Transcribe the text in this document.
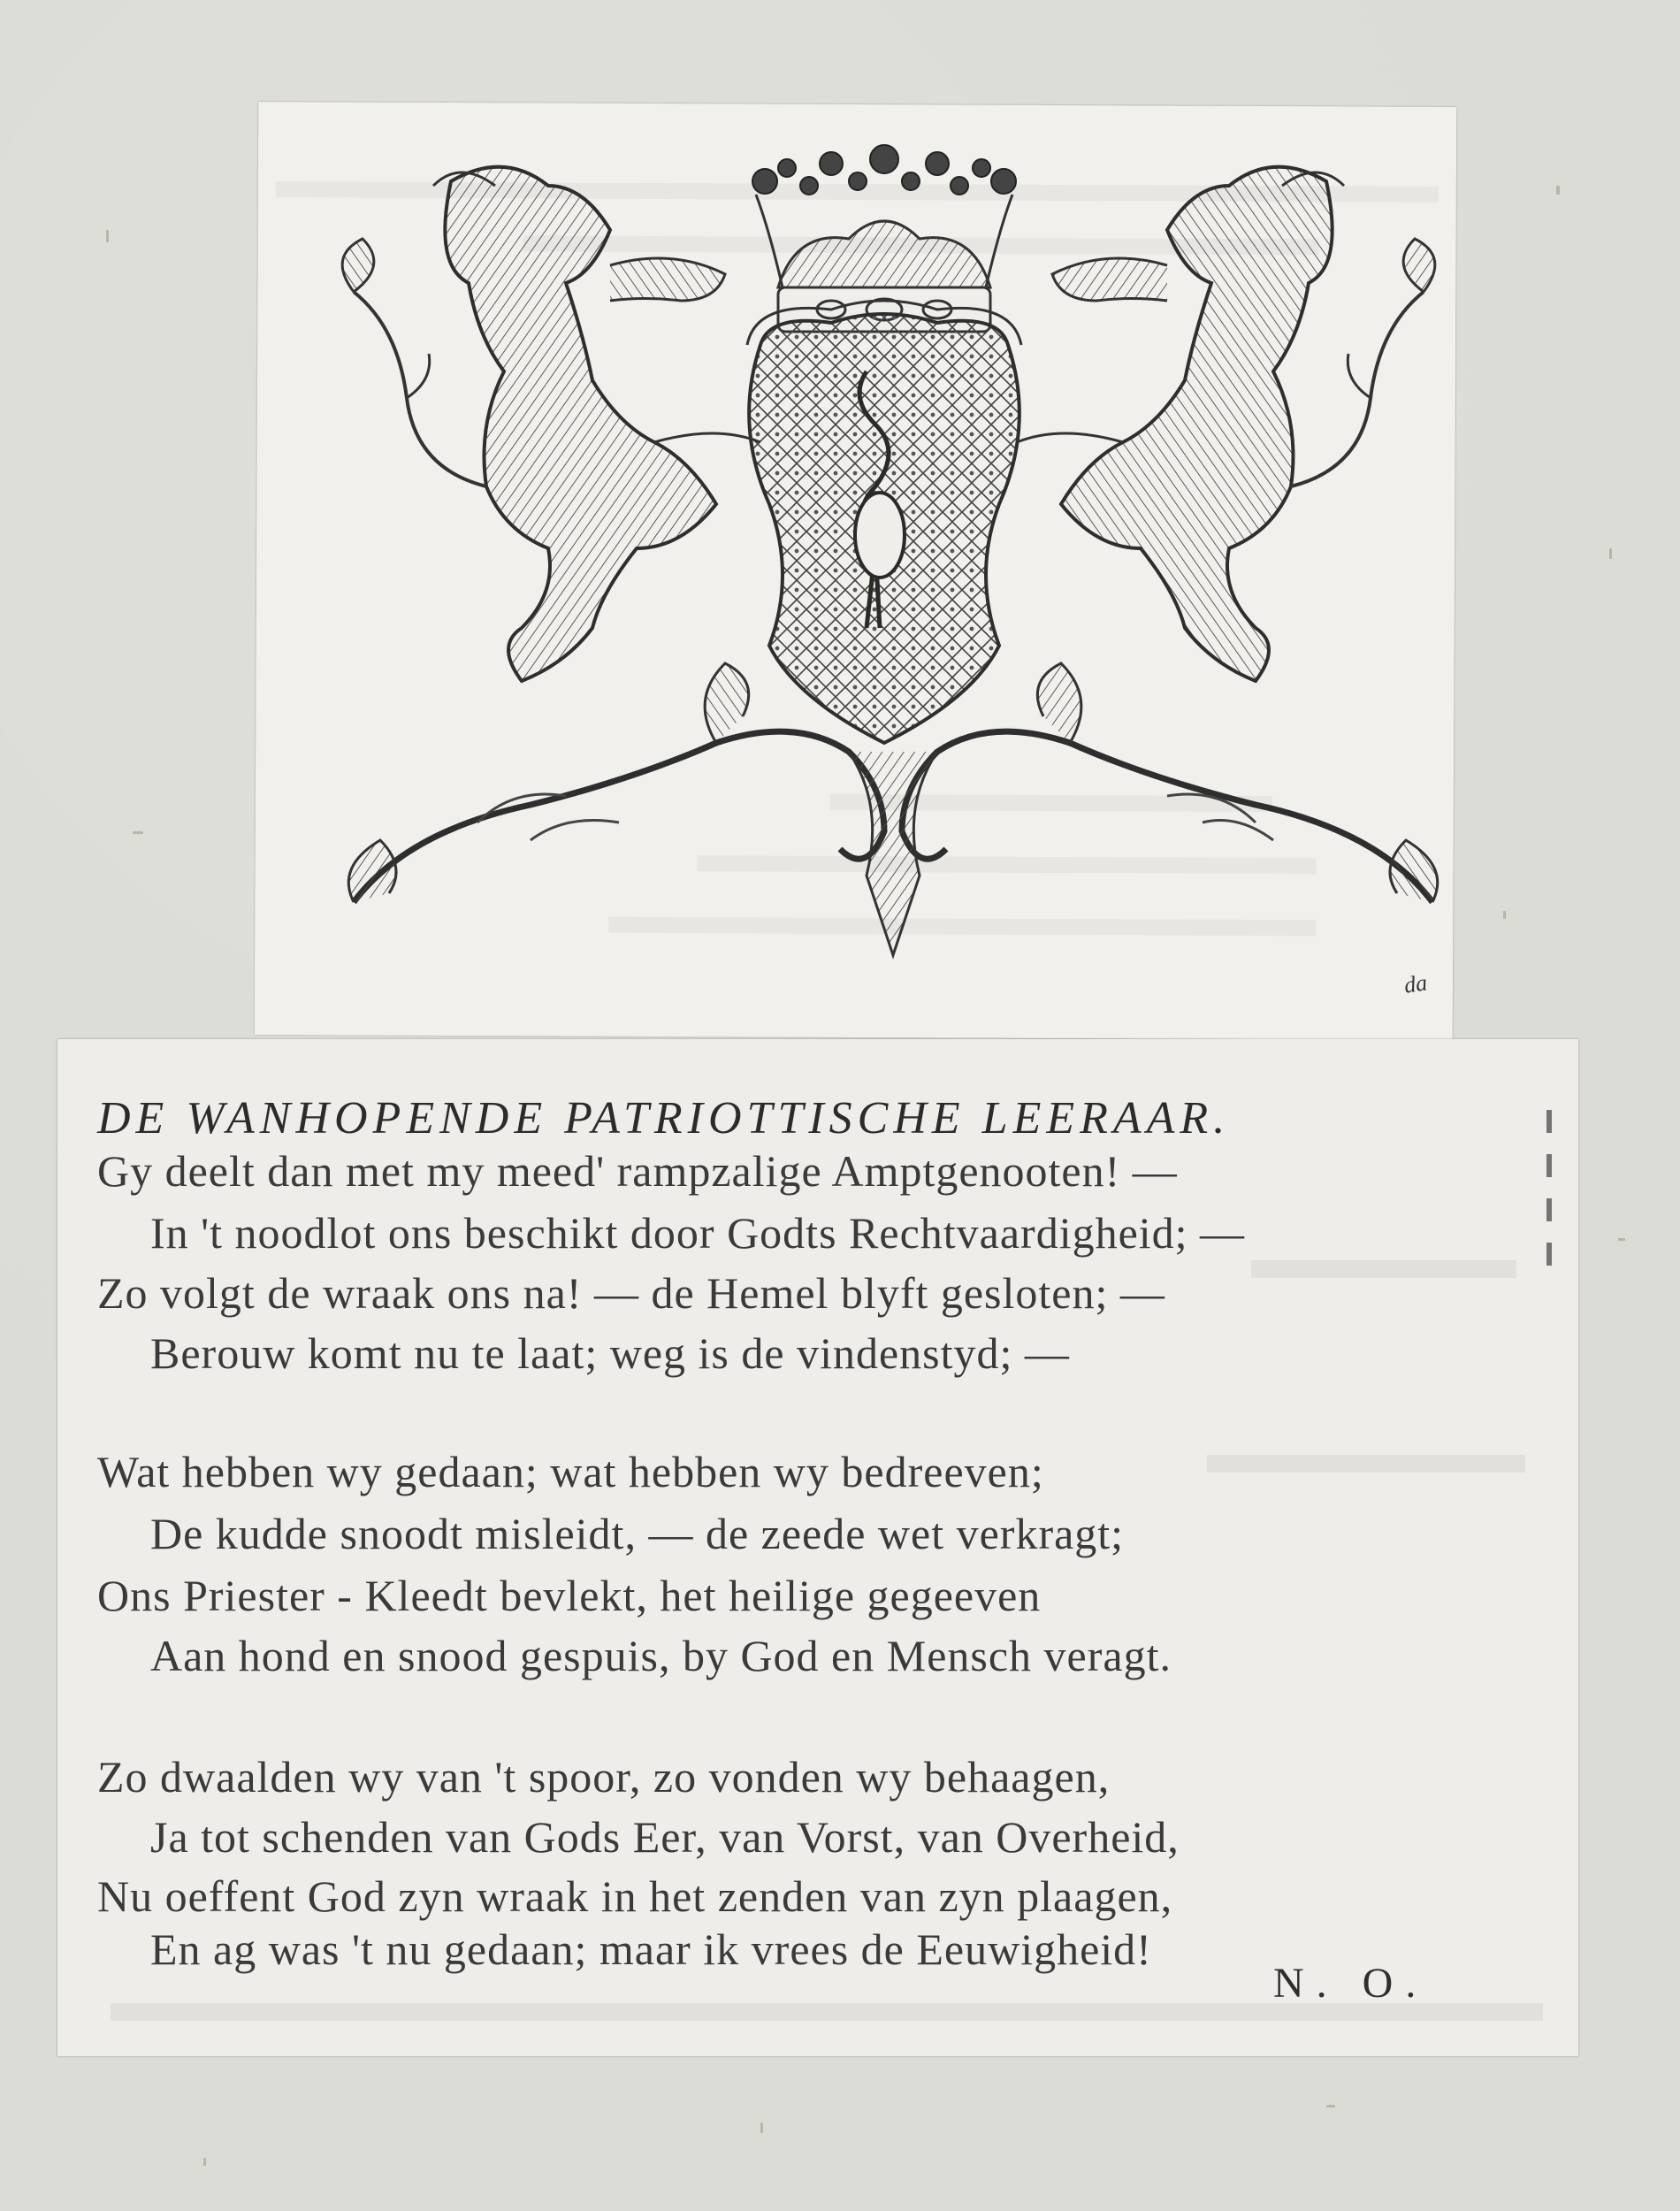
da
DE WANHOPENDE PATRIOTTISCHE LEERAAR.
Gy deelt dan met my meed' rampzalige Amptgenooten! —
In 't noodlot ons beschikt door Godts Rechtvaardigheid; —
Zo volgt de wraak ons na! — de Hemel blyft gesloten; —
Berouw komt nu te laat; weg is de vindenstyd; —
Wat hebben wy gedaan; wat hebben wy bedreeven;
De kudde snoodt misleidt, — de zeede wet verkragt;
Ons Priester - Kleedt bevlekt, het heilige gegeeven
Aan hond en snood gespuis, by God en Mensch veragt.
Zo dwaalden wy van 't spoor, zo vonden wy behaagen,
Ja tot schenden van Gods Eer, van Vorst, van Overheid,
Nu oeffent God zyn wraak in het zenden van zyn plaagen,
En ag was 't nu gedaan; maar ik vrees de Eeuwigheid!
N. O.
